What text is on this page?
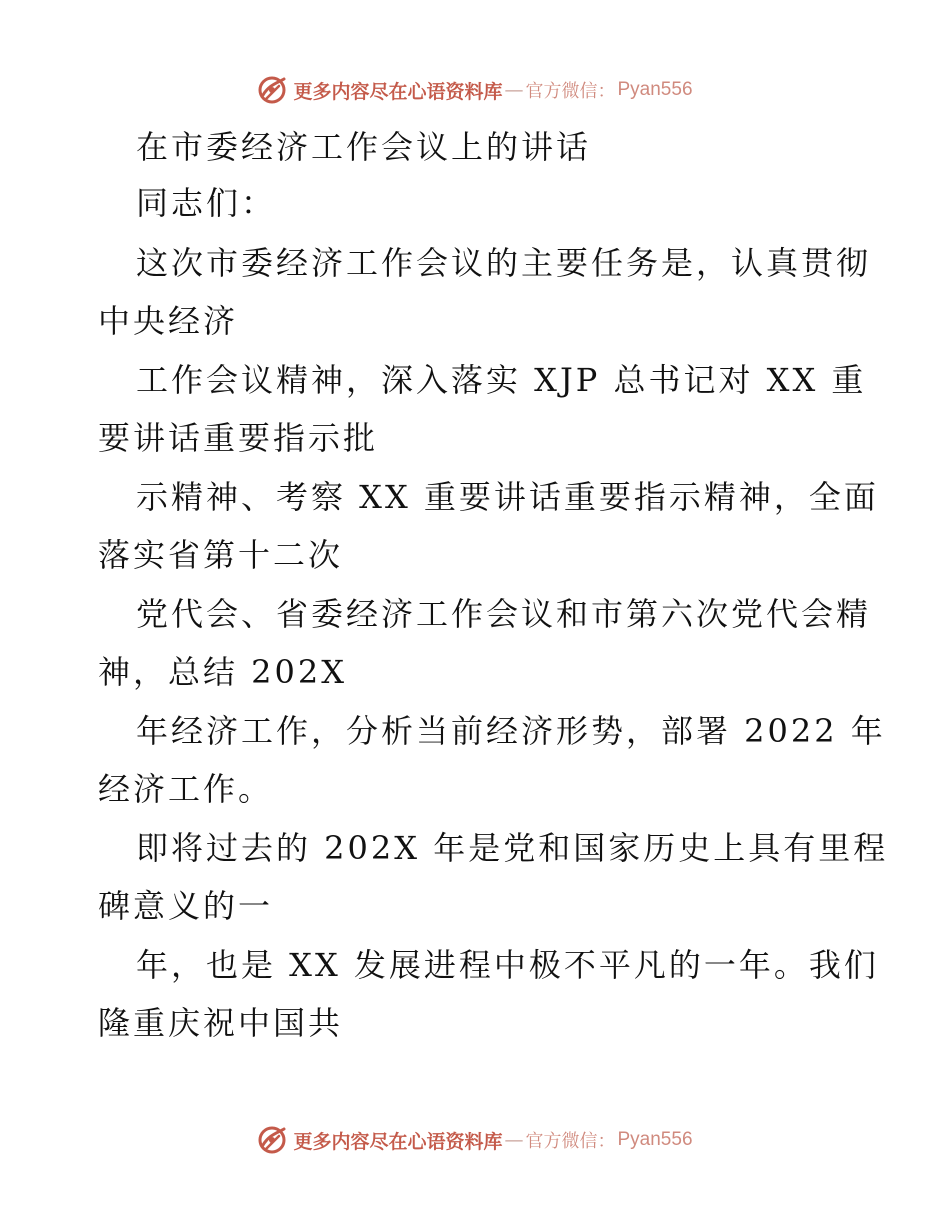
更多内容尽在心语资料库 — 官方微信： Pyan556
在市委经济工作会议上的讲话
同志们：
这次市委经济工作会议的主要任务是，认真贯彻
中央经济
工作会议精神，深入落实 XJP 总书记对 XX 重
要讲话重要指示批
示精神、考察 XX 重要讲话重要指示精神，全面
落实省第十二次
党代会、省委经济工作会议和市第六次党代会精
神，总结 202X
年经济工作，分析当前经济形势，部署 2022 年
经济工作。
即将过去的 202X 年是党和国家历史上具有里程
碑意义的一
年，也是 XX 发展进程中极不平凡的一年。我们
隆重庆祝中国共
更多内容尽在心语资料库 — 官方微信： Pyan556
